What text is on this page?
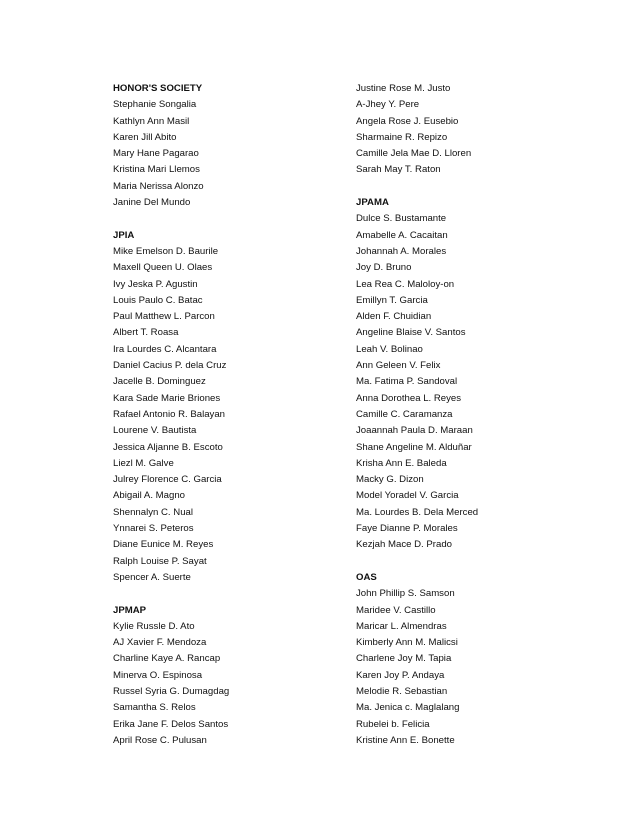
HONOR'S SOCIETY
Stephanie Songalia
Kathlyn Ann Masil
Karen Jill Abito
Mary Hane Pagarao
Kristina Mari Llemos
Maria Nerissa Alonzo
Janine Del Mundo
JPIA
Mike Emelson D. Baurile
Maxell Queen U. Olaes
Ivy Jeska P. Agustin
Louis Paulo C. Batac
Paul Matthew L. Parcon
Albert T. Roasa
Ira Lourdes C. Alcantara
Daniel Cacius P. dela Cruz
Jacelle B. Dominguez
Kara Sade Marie Briones
Rafael Antonio R. Balayan
Lourene V. Bautista
Jessica Aljanne B. Escoto
Liezl M. Galve
Julrey Florence C. Garcia
Abigail A. Magno
Shennalyn C. Nual
Ynnarei S. Peteros
Diane Eunice M. Reyes
Ralph Louise P. Sayat
Spencer A. Suerte
JPMAP
Kylie Russle D. Ato
AJ Xavier F. Mendoza
Charline Kaye A. Rancap
Minerva O. Espinosa
Russel Syria G. Dumagdag
Samantha S. Relos
Erika Jane F. Delos Santos
April Rose C. Pulusan
Justine Rose M. Justo
A-Jhey Y. Pere
Angela Rose J. Eusebio
Sharmaine R. Repizo
Camille Jela Mae D. Lloren
Sarah May T. Raton
JPAMA
Dulce S. Bustamante
Amabelle A. Cacaitan
Johannah A. Morales
Joy D. Bruno
Lea Rea C. Maloloy-on
Emillyn T. Garcia
Alden F. Chuidian
Angeline Blaise V. Santos
Leah V. Bolinao
Ann Geleen V. Felix
Ma. Fatima P. Sandoval
Anna Dorothea L. Reyes
Camille C. Caramanza
Joaannah Paula D. Maraan
Shane Angeline M. Alduñar
Krisha Ann E. Baleda
Macky G. Dizon
Model Yoradel V. Garcia
Ma. Lourdes B. Dela Merced
Faye Dianne P. Morales
Kezjah Mace D. Prado
OAS
John Phillip S. Samson
Maridee V. Castillo
Maricar L. Almendras
Kimberly Ann M. Malicsi
Charlene Joy M. Tapia
Karen Joy P. Andaya
Melodie R. Sebastian
Ma. Jenica c. Maglalang
Rubelei b. Felicia
Kristine Ann E. Bonette
